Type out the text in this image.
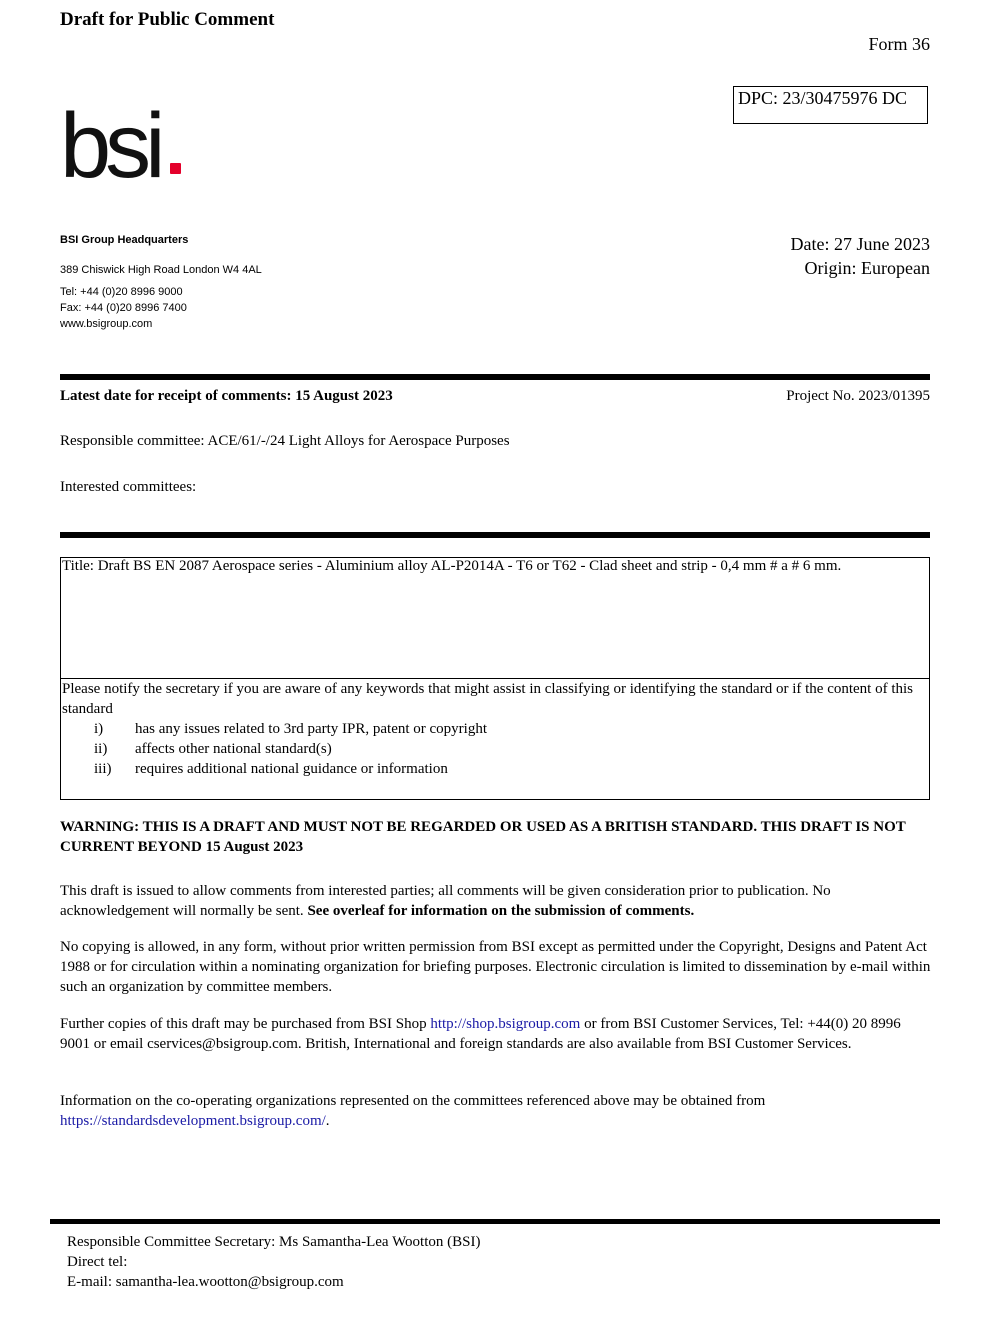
Draft for Public Comment
Form 36
DPC: 23/30475976 DC
bsi
BSI Group Headquarters
389 Chiswick High Road London W4 4AL
Tel: +44 (0)20 8996 9000
Fax: +44 (0)20 8996 7400
www.bsigroup.com
Date: 27 June 2023
Origin: European
Latest date for receipt of comments: 15 August 2023	Project No. 2023/01395
Responsible committee: ACE/61/-/24 Light Alloys for Aerospace Purposes
Interested committees:
Title: Draft BS EN 2087 Aerospace series - Aluminium alloy AL-P2014A - T6 or T62 - Clad sheet and strip - 0,4 mm # a # 6 mm.
Please notify the secretary if you are aware of any keywords that might assist in classifying or identifying the standard or if the content of this standard
i) has any issues related to 3rd party IPR, patent or copyright
ii) affects other national standard(s)
iii) requires additional national guidance or information
WARNING: THIS IS A DRAFT AND MUST NOT BE REGARDED OR USED AS A BRITISH STANDARD. THIS DRAFT IS NOT CURRENT BEYOND 15 August 2023
This draft is issued to allow comments from interested parties; all comments will be given consideration prior to publication. No acknowledgement will normally be sent. See overleaf for information on the submission of comments.
No copying is allowed, in any form, without prior written permission from BSI except as permitted under the Copyright, Designs and Patent Act 1988 or for circulation within a nominating organization for briefing purposes. Electronic circulation is limited to dissemination by e-mail within such an organization by committee members.
Further copies of this draft may be purchased from BSI Shop http://shop.bsigroup.com or from BSI Customer Services, Tel: +44(0) 20 8996 9001 or email cservices@bsigroup.com. British, International and foreign standards are also available from BSI Customer Services.
Information on the co-operating organizations represented on the committees referenced above may be obtained from https://standardsdevelopment.bsigroup.com/.
Responsible Committee Secretary: Ms Samantha-Lea Wootton (BSI)
Direct tel:
E-mail: samantha-lea.wootton@bsigroup.com
